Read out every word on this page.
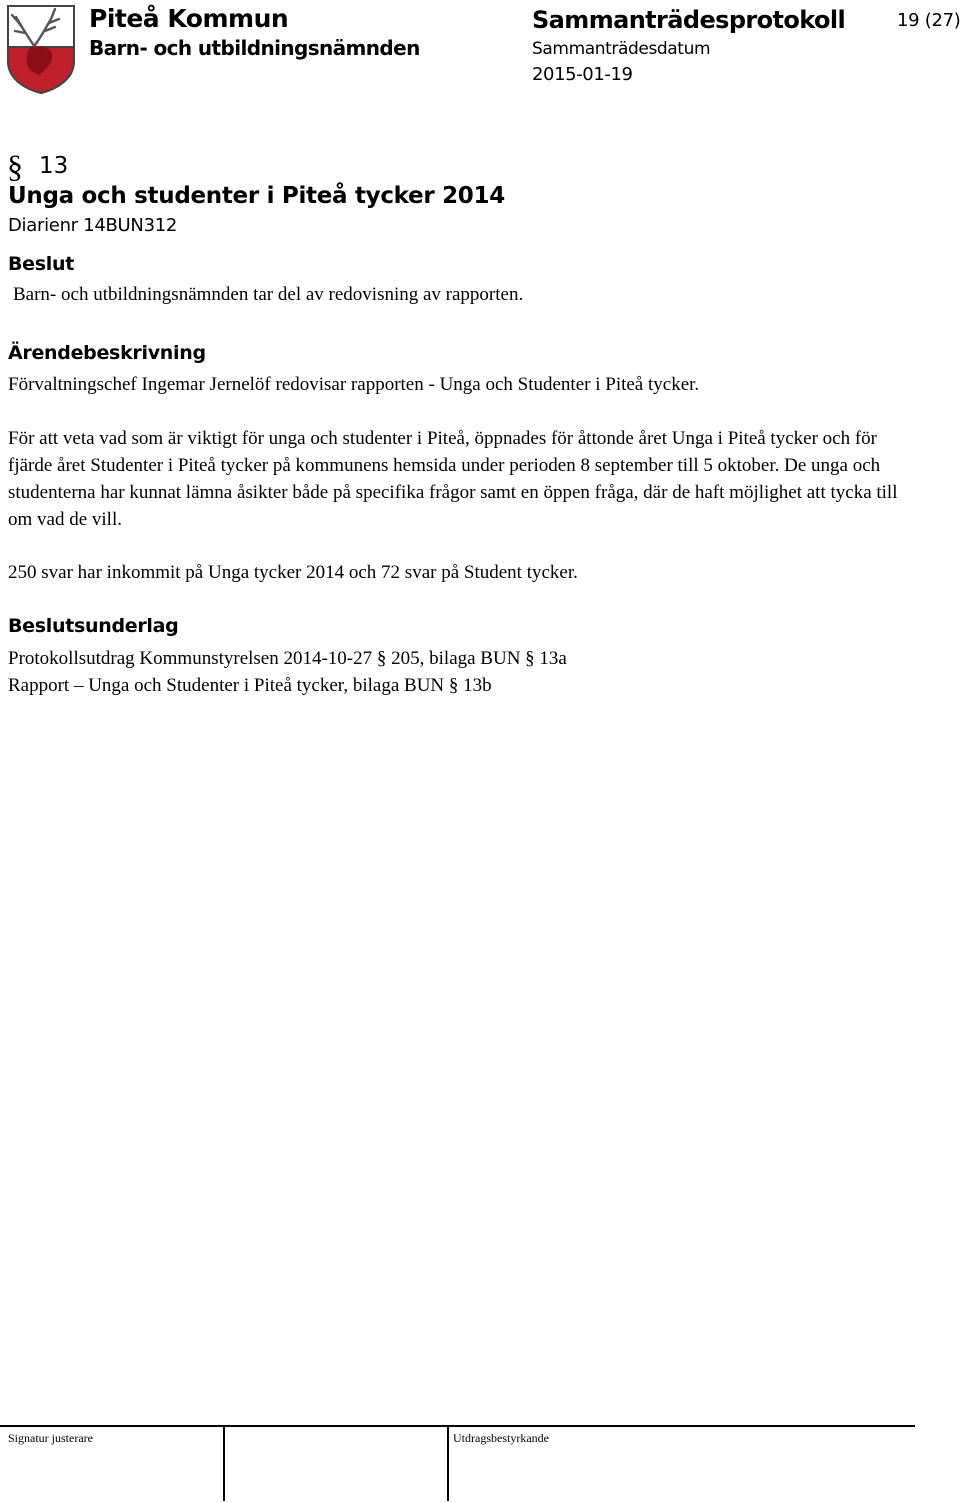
Piteå Kommun
Barn- och utbildningsnämnden
Sammanträdesprotokoll
Sammanträdesdatum
2015-01-19
19 (27)
§ 13
Unga och studenter i Piteå tycker 2014
Diarienr 14BUN312
Beslut
Barn- och utbildningsnämnden tar del av redovisning av rapporten.
Ärendebeskrivning
Förvaltningschef Ingemar Jernelöf redovisar rapporten - Unga och Studenter i Piteå tycker.
För att veta vad som är viktigt för unga och studenter i Piteå, öppnades för åttonde året Unga i Piteå tycker och för fjärde året Studenter i Piteå tycker på kommunens hemsida under perioden 8 september till 5 oktober. De unga och studenterna har kunnat lämna åsikter både på specifika frågor samt en öppen fråga, där de haft möjlighet att tycka till om vad de vill.
250 svar har inkommit på Unga tycker 2014 och 72 svar på Student tycker.
Beslutsunderlag
Protokollsutdrag Kommunstyrelsen 2014-10-27 § 205, bilaga BUN § 13a
Rapport – Unga och Studenter i Piteå tycker, bilaga BUN § 13b
Signatur justerare	Utdragsbestyrkande
